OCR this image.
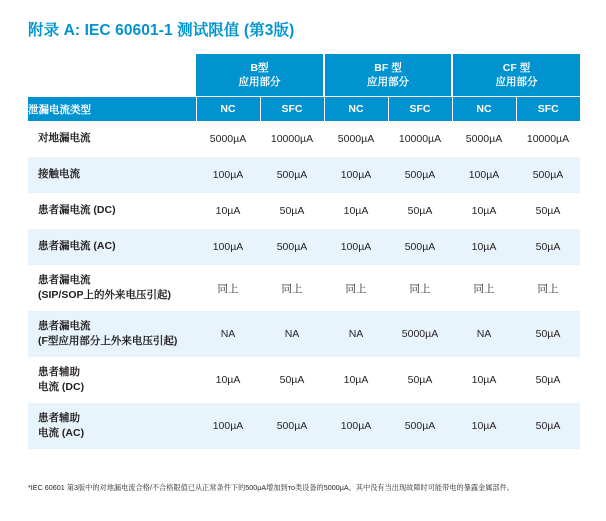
附录 A: IEC 60601-1 测试限值 (第3版)

B型
应用部分

BF 型
应用部分

CF 型
应用部分

泄漏电流类型	NC	SFC	NC	SFC	NC	SFC

对地漏电流	5000µA	10000µA	5000µA	10000µA	5000µA	10000µA

接触电流	100µA	500µA	100µA	500µA	100µA	500µA

患者漏电流 (DC)	10µA	50µA	10µA	50µA	10µA	50µA

患者漏电流 (AC)	100µA	500µA	100µA	500µA	10µA	50µA

患者漏电流
(SIP/SOP上的外来电压引起)	同上	同上	同上	同上	同上	同上

患者漏电流
(F型应用部分上外来电压引起)	NA	NA	NA	5000µA	NA	50µA

患者辅助
电流 (DC)	10µA	50µA	10µA	50µA	10µA	50µA

患者辅助
电流 (AC)	100µA	500µA	100µA	500µA	10µA	50µA
*IEC 60601 第3版中的对地漏电流合格/不合格限值已从正常条件下的500µA增加到то类设备的5000µA。其中没有当出现故障时可能带电的暴露金属部件。
